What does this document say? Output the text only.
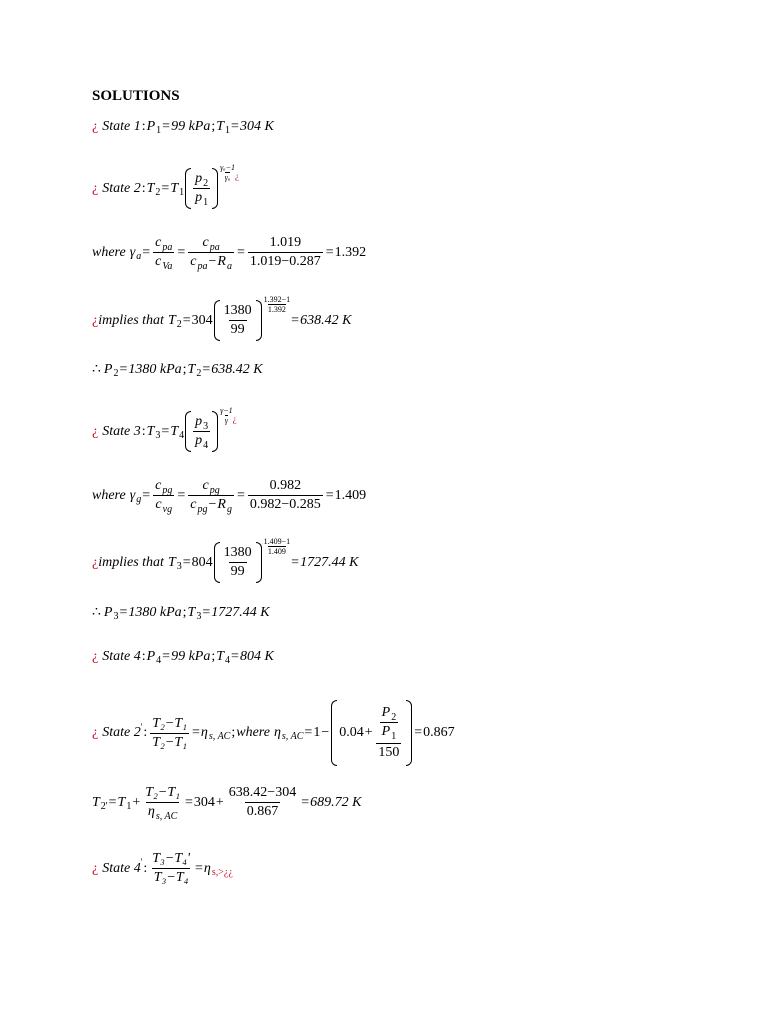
SOLUTIONS
¿ State 1 : P 1 = 99 kPa ; T 1 = 304 K
¿ State 2 : T 2 = T $1 \frac{p_2}{p_1}$
γₐ−1
γₐ ¿
where γ $a = \frac{c_{pa}}{c_{Va}} = \frac{c_{pa}}{c_{pa}-R_a} = \frac{1.019}{1.019-0.287} = 1.392$
¿ implies that T $2 = 304 \frac{1380}{99} \frac{1.392-1}{1.392}$
= 638.42 K
∴ P 2 = 1380 kPa ; T 2 = 638.42 K
¿ State 3 : T 3 = T $4 \frac{p_3}{p_4}$
γ−1
γ ¿
where γ $g = \frac{c_{pg}}{c_{vg}} = \frac{c_{pg}}{c_{pg}-R_g} = \frac{0.982}{0.982-0.285} = 1.409$
¿ implies that T $3 = 804 \frac{1380}{99} \frac{1.409-1}{1.409}$
= 1727.44 K
∴ P 3 = 1380 kPa ; T 3 = 1727.44 K
¿ State 4 : P 4 = 99 kPa ; T 4 = 804 K
¿ State 2 ' : $\frac{\text{T₂−T₁}}{\text{T₂−T₁}} = \eta$ s, AC ; where η s, AC = $1 - 0.04 + \frac{\frac{P_2}{P_1}}{150} = 0.867$
T 2' = T $1 + \frac{\text{T₂−T₁}}{\eta_{s, AC}} = 304 + \frac{638.42-304}{0.867} = 689.72$ K
¿ State 4 ' : $\frac{\text{T₃−T₄'}}{\text{T₃−T₄}} = \eta$ s,>¿¿
